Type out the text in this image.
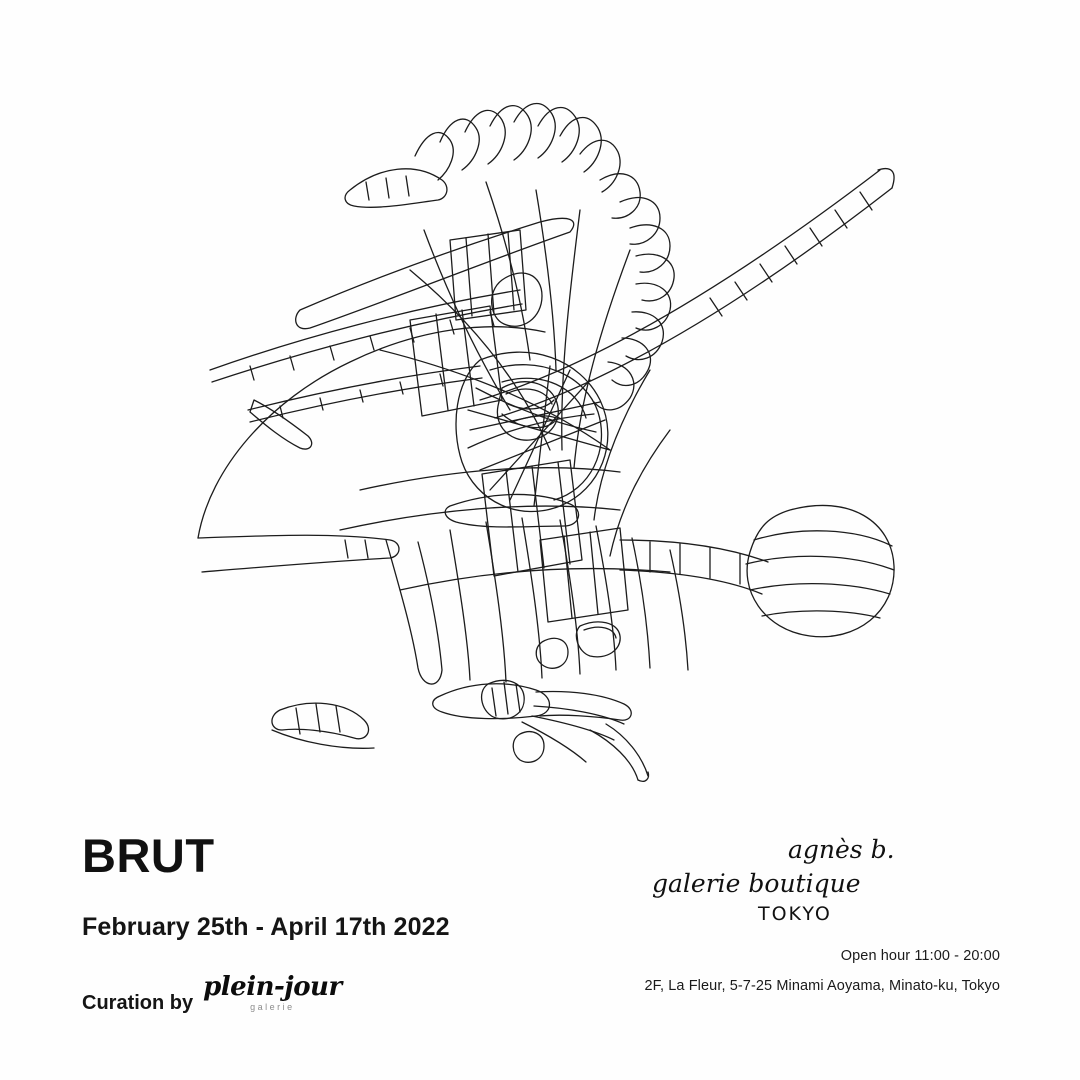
BRUT
February 25th - April 17th 2022
Curation by
plein-jour
galerie
agnès b.
galerie boutique
TOKYO

Open hour 11:00 - 20:00

2F, La Fleur, 5-7-25 Minami Aoyama, Minato-ku, Tokyo
